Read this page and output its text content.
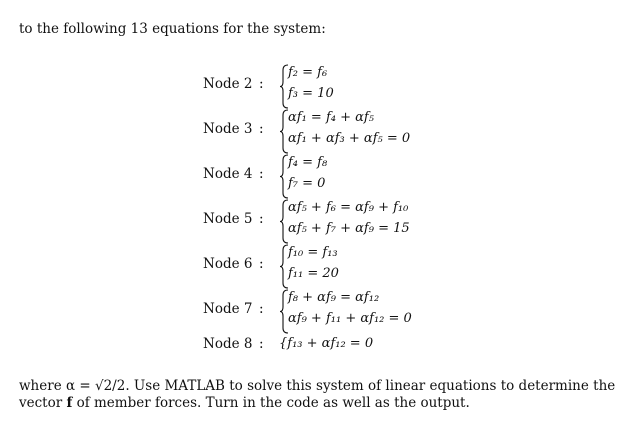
to the following 13 equations for the system:
Node 2 :
f₂ = f₆
f₃ = 10
Node 3 :
αf₁ = f₄ + αf₅
αf₁ + αf₃ + αf₅ = 0
Node 4 :
f₄ = f₈
f₇ = 0
Node 5 :
αf₅ + f₆ = αf₉ + f₁₀
αf₅ + f₇ + αf₉ = 15
Node 6 :
f₁₀ = f₁₃
f₁₁ = 20
Node 7 :
f₈ + αf₉ = αf₁₂
αf₉ + f₁₁ + αf₁₂ = 0
Node 8 : {f₁₃ + αf₁₂ = 0
where α = √2/2. Use MATLAB to solve this system of linear equations to determine the vector f of member forces. Turn in the code as well as the output.
